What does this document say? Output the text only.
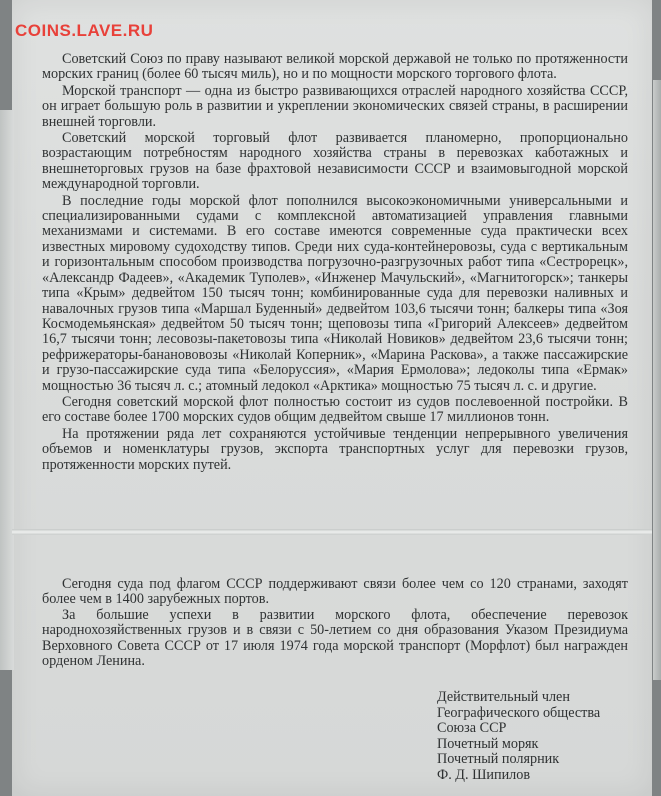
COINS.LAVE.RU

Советский Союз по праву называют великой морской державой не только по протяженности морских границ (более 60 тысяч миль), но и по мощности морского торгового флота.

Морской транспорт — одна из быстро развивающихся отраслей народного хозяйства СССР, он играет большую роль в развитии и укреплении экономических связей страны, в расширении внешней торговли.

Советский морской торговый флот развивается планомерно, пропорционально возрастающим потребностям народного хозяйства страны в перевозках каботажных и внешнеторговых грузов на базе фрахтовой независимости СССР и взаимовыгодной морской международной торговли.

В последние годы морской флот пополнился высокоэкономичными универсальными и специализированными судами с комплексной автоматизацией управления главными механизмами и системами. В его составе имеются современные суда практически всех известных мировому судоходству типов. Среди них суда-контейнеровозы, суда с вертикальным и горизонтальным способом производства погрузочно-разгрузочных работ типа «Сестрорецк», «Александр Фадеев», «Академик Туполев», «Инженер Мачульский», «Магнитогорск»; танкеры типа «Крым» дедвейтом 150 тысяч тонн; комбинированные суда для перевозки наливных и навалочных грузов типа «Маршал Буденный» дедвейтом 103,6 тысячи тонн; балкеры типа «Зоя Космодемьянская» дедвейтом 50 тысяч тонн; щеповозы типа «Григорий Алексеев» дедвейтом 16,7 тысячи тонн; лесовозы-пакетовозы типа «Николай Новиков» дедвейтом 23,6 тысячи тонн; рефрижераторы-бананововозы «Николай Коперник», «Марина Раскова», а также пассажирские и грузо-пассажирские суда типа «Белоруссия», «Мария Ермолова»; ледоколы типа «Ермак» мощностью 36 тысяч л. с.; атомный ледокол «Арктика» мощностью 75 тысяч л. с. и другие.

Сегодня советский морской флот полностью состоит из судов послевоенной постройки. В его составе более 1700 морских судов общим дедвейтом свыше 17 миллионов тонн.

На протяжении ряда лет сохраняются устойчивые тенденции непрерывного увеличения объемов и номенклатуры грузов, экспорта транспортных услуг для перевозки грузов, протяженности морских путей.

Сегодня суда под флагом СССР поддерживают связи более чем со 120 странами, заходят более чем в 1400 зарубежных портов.

За большие успехи в развитии морского флота, обеспечение перевозок народнохозяйственных грузов и в связи с 50-летием со дня образования Указом Президиума Верховного Совета СССР от 17 июля 1974 года морской транспорт (Морфлот) был награжден орденом Ленина.

Действительный член
Географического общества
Союза ССР
Почетный моряк
Почетный полярник
Ф. Д. Шипилов
